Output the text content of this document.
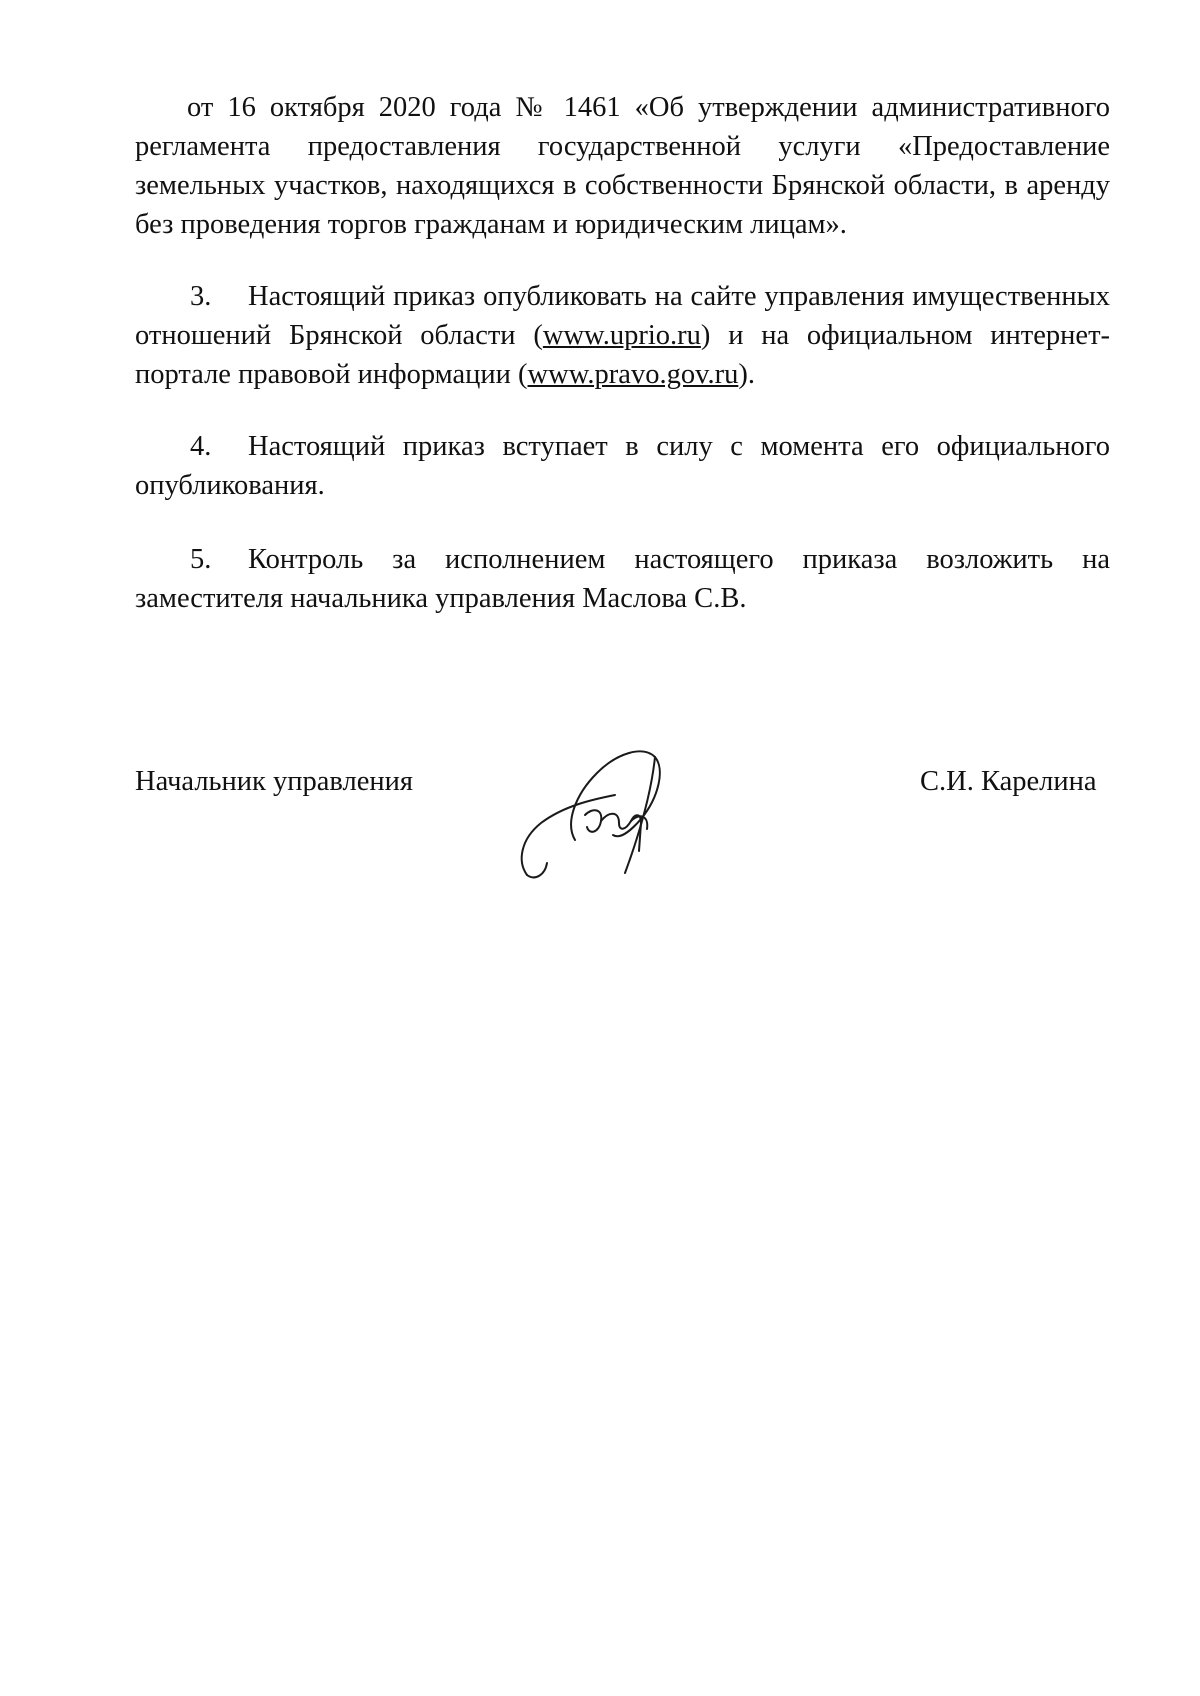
от 16 октября 2020 года № 1461 «Об утверждении административного регламента предоставления государственной услуги «Предоставление земельных участков, находящихся в собственности Брянской области, в аренду без проведения торгов гражданам и юридическим лицам».

3. Настоящий приказ опубликовать на сайте управления имущественных отношений Брянской области (www.uprio.ru) и на официальном интернет-портале правовой информации (www.pravo.gov.ru).

4. Настоящий приказ вступает в силу с момента его официального опубликования.

5. Контроль за исполнением настоящего приказа возложить на заместителя начальника управления Маслова С.В.

Начальник управления	С.И. Карелина
